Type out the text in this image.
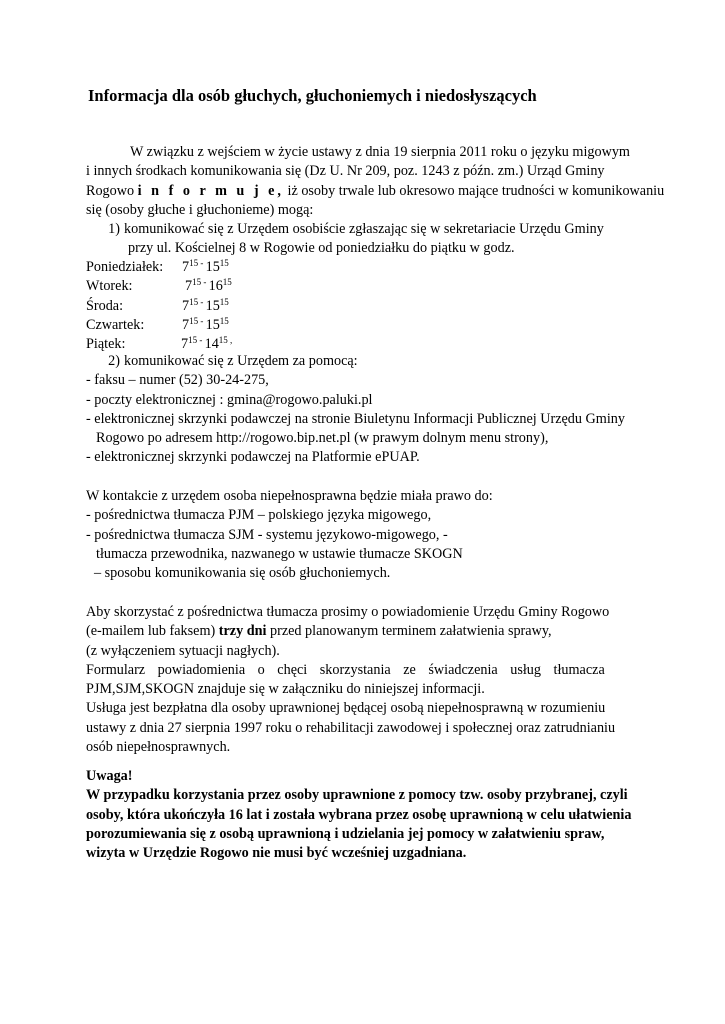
Informacja dla osób głuchych, głuchoniemych i niedosłyszących
W związku z wejściem w życie ustawy z dnia 19 sierpnia 2011 roku o języku migowym
i innych środkach komunikowania się (Dz U. Nr 209, poz. 1243 z późn. zm.) Urząd Gminy
Rogowo i n f o r m u j e, iż osoby trwale lub okresowo mające trudności w komunikowaniu
się (osoby głuche i głuchonieme) mogą:
1) komunikować się z Urzędem osobiście zgłaszając się w sekretariacie Urzędu Gminy
przy ul. Kościelnej 8 w Rogowie od poniedziałku do piątku w godz.
Poniedziałek: $7^{15}$ - $15^{15}$
Wtorek:	$7^{15}$ - $16^{15}$
Środa:	$7^{15}$ - $15^{15}$
Czwartek:	$7^{15}$ - $15^{15}$
Piątek:	$7^{15}$ - $14^{15}$ ,
2) komunikować się z Urzędem za pomocą:
- faksu – numer (52) 30-24-275,
- poczty elektronicznej : gmina@rogowo.paluki.pl
- elektronicznej skrzynki podawczej na stronie Biuletynu Informacji Publicznej Urzędu Gminy
Rogowo po adresem http://rogowo.bip.net.pl (w prawym dolnym menu strony),
- elektronicznej skrzynki podawczej na Platformie ePUAP.
W kontakcie z urzędem osoba niepełnosprawna będzie miała prawo do:
- pośrednictwa tłumacza PJM – polskiego języka migowego,
- pośrednictwa tłumacza SJM - systemu językowo-migowego, -
tłumacza przewodnika, nazwanego w ustawie tłumacze SKOGN
– sposobu komunikowania się osób głuchoniemych.
Aby skorzystać z pośrednictwa tłumacza prosimy o powiadomienie Urzędu Gminy Rogowo
(e-mailem lub faksem) trzy dni przed planowanym terminem załatwienia sprawy,
(z wyłączeniem sytuacji nagłych).
Formularz powiadomienia o chęci skorzystania ze świadczenia usług tłumacza
PJM,SJM,SKOGN znajduje się w załączniku do niniejszej informacji.
Usługa jest bezpłatna dla osoby uprawnionej będącej osobą niepełnosprawną w rozumieniu
ustawy z dnia 27 sierpnia 1997 roku o rehabilitacji zawodowej i społecznej oraz zatrudnianiu
osób niepełnosprawnych.
Uwaga!
W przypadku korzystania przez osoby uprawnione z pomocy tzw. osoby przybranej, czyli
osoby, która ukończyła 16 lat i została wybrana przez osobę uprawnioną w celu ułatwienia
porozumiewania się z osobą uprawnioną i udzielania jej pomocy w załatwieniu spraw,
wizyta w Urzędzie Rogowo nie musi być wcześniej uzgadniana.
